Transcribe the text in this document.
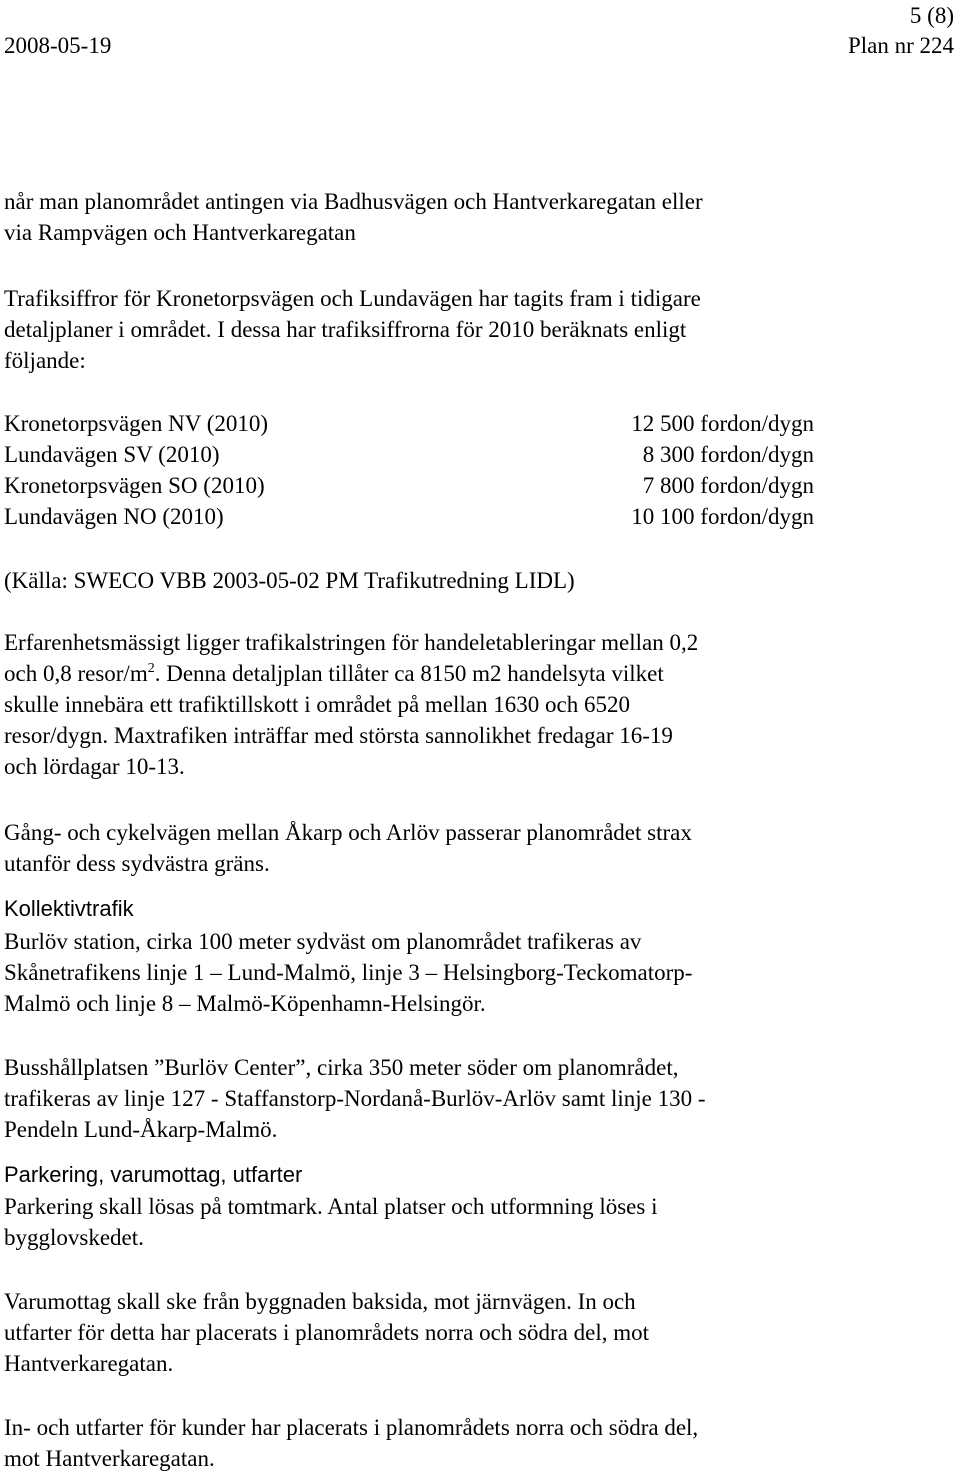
5 (8)
2008-05-19	Plan nr 224

når man planområdet antingen via Badhusvägen och Hantverkaregatan eller

via Rampvägen och Hantverkaregatan

Trafiksiffror för Kronetorpsvägen och Lundavägen har tagits fram i tidigare

detaljplaner i området. I dessa har trafiksiffrorna för 2010 beräknats enligt

följande:

Kronetorpsvägen NV (2010)	12 500 fordon/dygn
Lundavägen SV (2010)	8 300 fordon/dygn
Kronetorpsvägen SO (2010)	7 800 fordon/dygn
Lundavägen NO (2010)	10 100 fordon/dygn

(Källa: SWECO VBB 2003-05-02 PM Trafikutredning LIDL)

Erfarenhetsmässigt ligger trafikalstringen för handeletableringar mellan 0,2

och 0,8 resor/$m^2$. Denna detaljplan tillåter ca 8150 m2 handelsyta vilket

skulle innebära ett trafiktillskott i området på mellan 1630 och 6520

resor/dygn. Maxtrafiken inträffar med största sannolikhet fredagar 16-19

och lördagar 10-13.

Gång- och cykelvägen mellan Åkarp och Arlöv passerar planområdet strax

utanför dess sydvästra gräns.

Kollektivtrafik

Burlöv station, cirka 100 meter sydväst om planområdet trafikeras av

Skånetrafikens linje 1 – Lund-Malmö, linje 3 – Helsingborg-Teckomatorp-

Malmö och linje 8 – Malmö-Köpenhamn-Helsingör.

Busshållplatsen ”Burlöv Center”, cirka 350 meter söder om planområdet,

trafikeras av linje 127 - Staffanstorp-Nordanå-Burlöv-Arlöv samt linje 130 -

Pendeln Lund-Åkarp-Malmö.

Parkering, varumottag, utfarter

Parkering skall lösas på tomtmark. Antal platser och utformning löses i

bygglovskedet.

Varumottag skall ske från byggnaden baksida, mot järnvägen. In och

utfarter för detta har placerats i planområdets norra och södra del, mot

Hantverkaregatan.

In- och utfarter för kunder har placerats i planområdets norra och södra del,

mot Hantverkaregatan.
